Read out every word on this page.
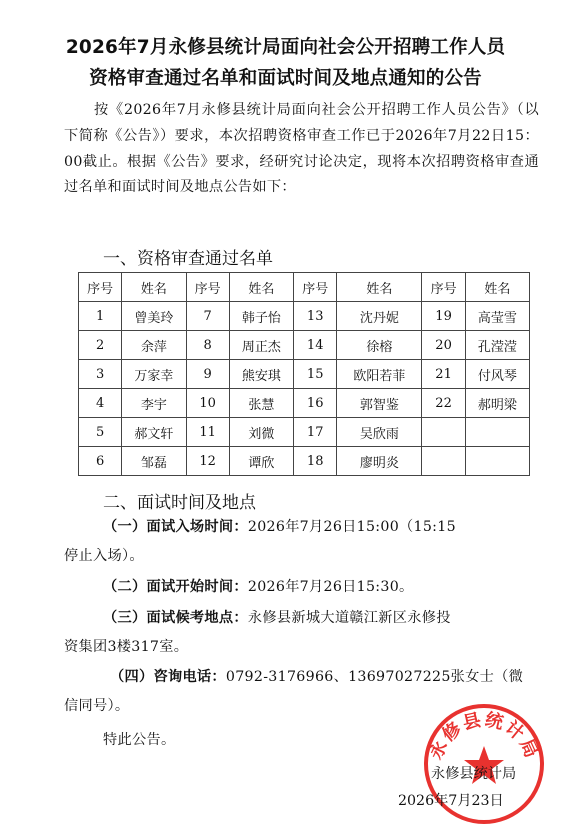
2026年7月永修县统计局面向社会公开招聘工作人员
资格审查通过名单和面试时间及地点通知的公告
按《2026年7月永修县统计局面向社会公开招聘工作人员公告》（以下简称《公告》）要求，本次招聘资格审查工作已于2026年7月22日15：00截止。根据《公告》要求，经研究讨论决定，现将本次招聘资格审查通过名单和面试时间及地点公告如下：
一、资格审查通过名单
序号	姓名	序号	姓名	序号	姓名	序号	姓名
1	曾美玲	7	韩子怡	13	沈丹妮	19	高莹雪
2	余萍	8	周正杰	14	徐榕	20	孔滢滢
3	万家幸	9	熊安琪	15	欧阳若菲	21	付风琴
4	李宇	10	张慧	16	郭智鉴	22	郝明梁
5	郝文轩	11	刘微	17	吴欣雨		
6	邹磊	12	谭欣	18	廖明炎		
二、面试时间及地点
（一）面试入场时间：2026年7月26日15:00（15:15
停止入场）。
（二）面试开始时间：2026年7月26日15:30。
（三）面试候考地点：永修县新城大道赣江新区永修投
资集团3楼317室。
（四）咨询电话：0792-3176966、13697027225张女士（微
信同号）。
特此公告。	永修县统计局
永修县统计局
2026年7月23日
